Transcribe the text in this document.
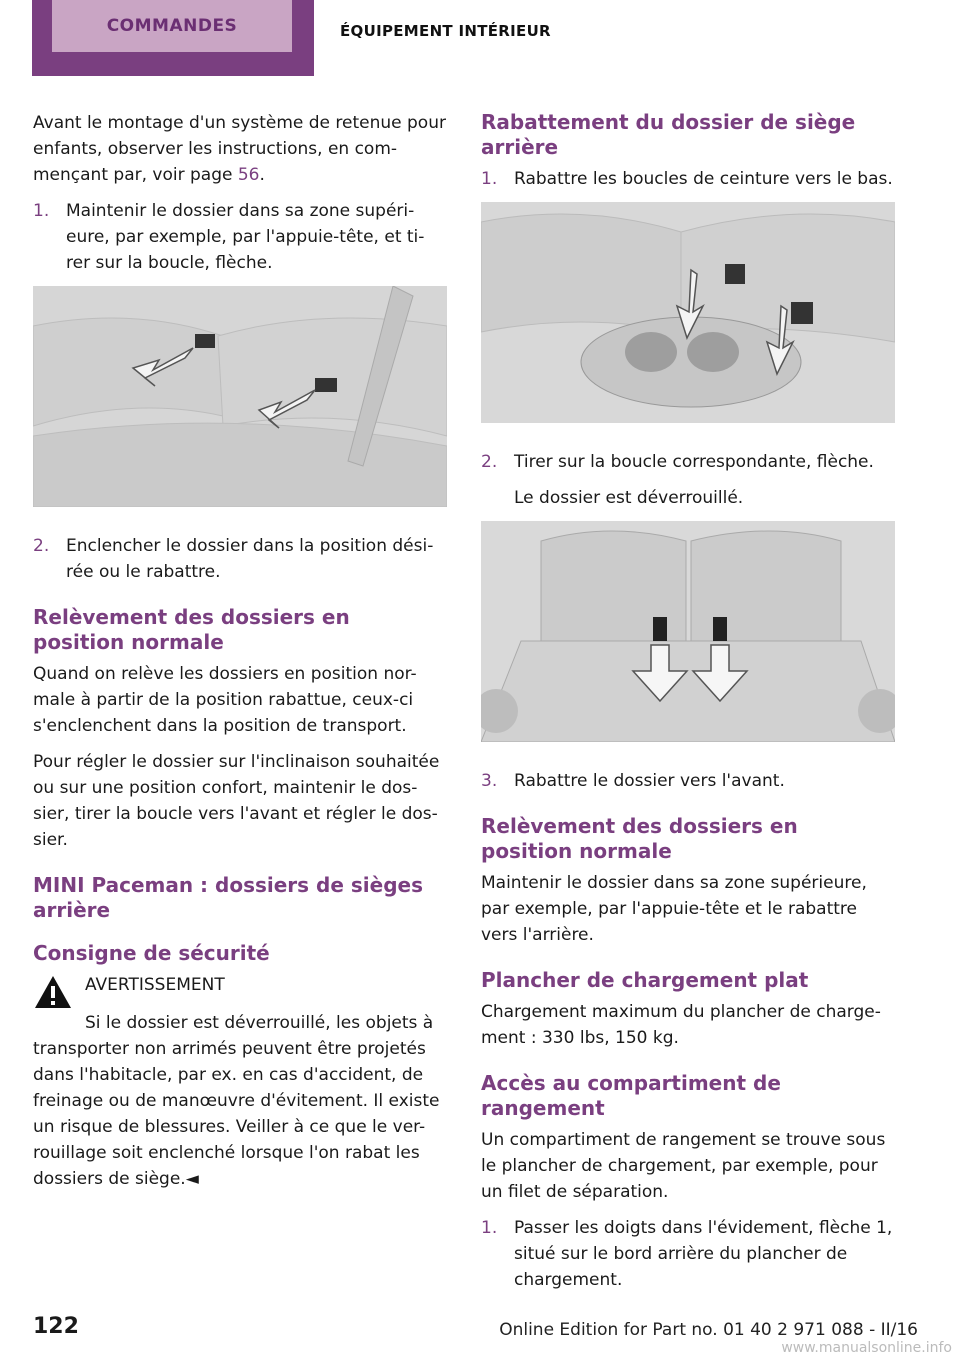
COMMANDES	ÉQUIPEMENT INTÉRIEUR

Avant le montage d'un système de retenue pour enfants, observer les instructions, en com-mençant par, voir page 56.

1. Maintenir le dossier dans sa zone supéri-eure, par exemple, par l'appuie-tête, et ti-rer sur la boucle, flèche.
2. Enclencher le dossier dans la position dési-rée ou le rabattre.
Relèvement des dossiers en position normale

Quand on relève les dossiers en position nor-male à partir de la position rabattue, ceux-ci s'enclenchent dans la position de transport.

Pour régler le dossier sur l'inclinaison souhaitée ou sur une position confort, maintenir le dos-sier, tirer la boucle vers l'avant et régler le dos-sier.

MINI Paceman : dossiers de sièges arrière
Consigne de sécurité
AVERTISSEMENT

Si le dossier est déverrouillé, les objets à transporter non arrimés peuvent être projetés dans l'habitacle, par ex. en cas d'accident, de freinage ou de manœuvre d'évitement. Il existe un risque de blessures. Veiller à ce que le ver-rouillage soit enclenché lorsque l'on rabat les dossiers de siège.◄

Rabattement du dossier de siège arrière
1. Rabattre les boucles de ceinture vers le bas.
2. Tirer sur la boucle correspondante, flèche.

Le dossier est déverrouillé.

3. Rabattre le dossier vers l'avant.
Relèvement des dossiers en position normale

Maintenir le dossier dans sa zone supérieure, par exemple, par l'appuie-tête et le rabattre vers l'arrière.

Plancher de chargement plat

Chargement maximum du plancher de charge-ment : 330 lbs, 150 kg.

Accès au compartiment de rangement

Un compartiment de rangement se trouve sous le plancher de chargement, par exemple, pour un filet de séparation.

1. Passer les doigts dans l'évidement, flèche 1, situé sur le bord arrière du plancher de chargement.
122	Online Edition for Part no. 01 40 2 971 088 - II/16
www.manualsonline.info
